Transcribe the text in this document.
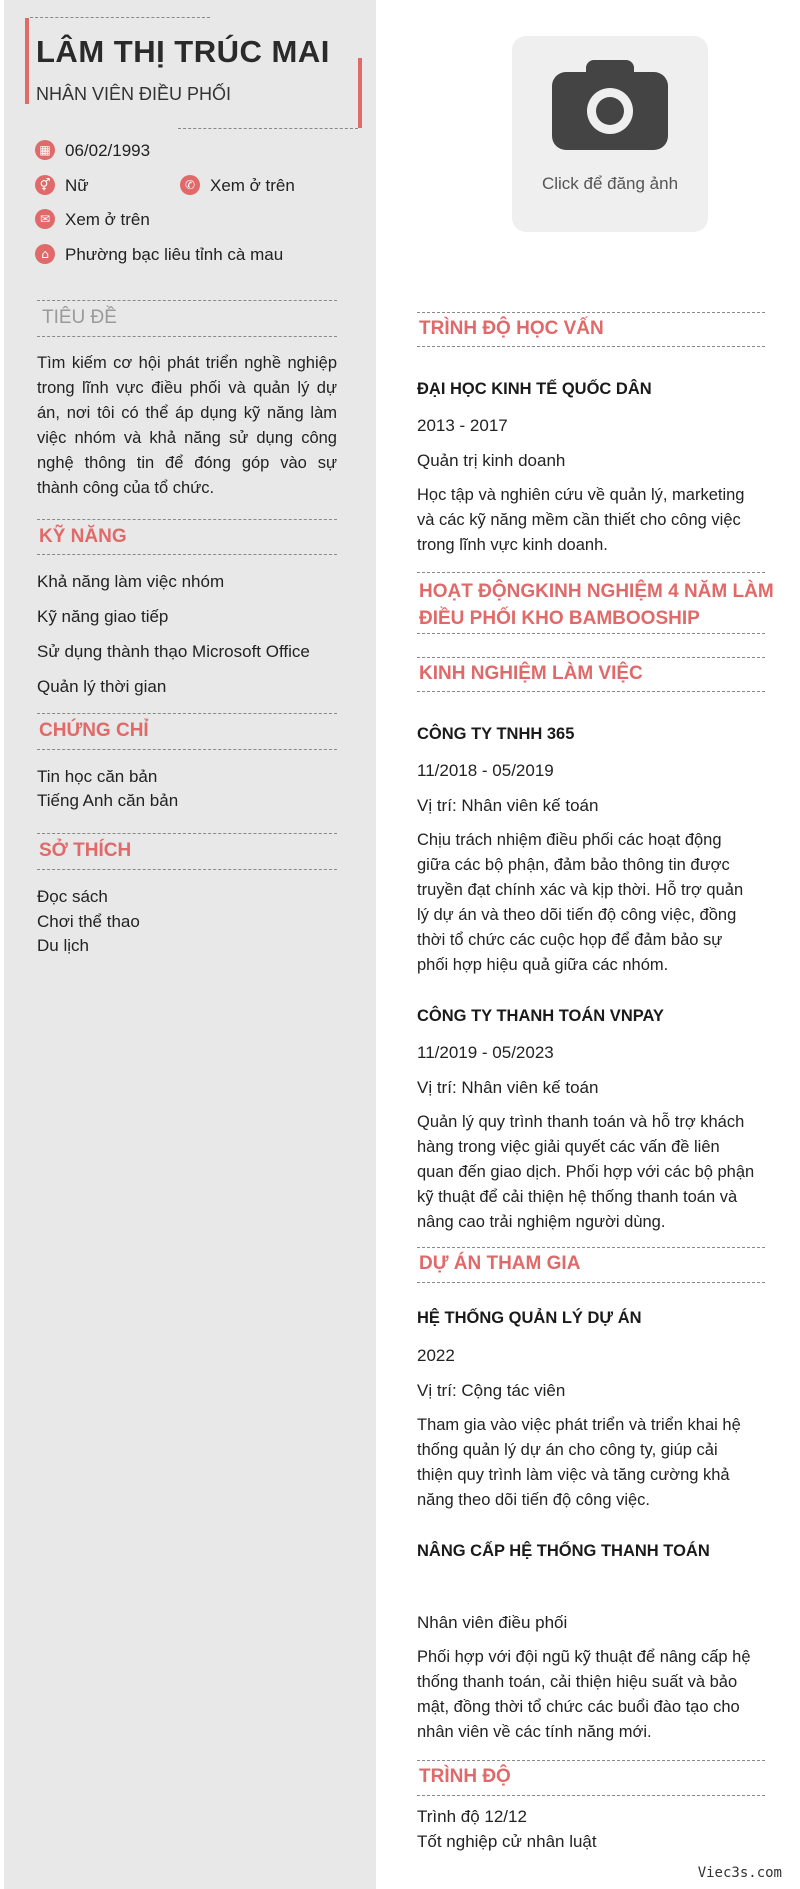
LÂM THỊ TRÚC MAI
NHÂN VIÊN ĐIỀU PHỐI
▦ 06/02/1993
⚥ Nữ	✆ Xem ở trên
✉ Xem ở trên
⌂ Phường bạc liêu tỉnh cà mau
Click để đăng ảnh
TIÊU ĐỀ
Tìm kiếm cơ hội phát triển nghề nghiệp
trong lĩnh vực điều phối và quản lý dự
án, nơi tôi có thể áp dụng kỹ năng làm
việc nhóm và khả năng sử dụng công
nghệ thông tin để đóng góp vào sự
thành công của tổ chức.
KỸ NĂNG
Khả năng làm việc nhóm
Kỹ năng giao tiếp
Sử dụng thành thạo Microsoft Office
Quản lý thời gian
CHỨNG CHỈ
Tin học căn bản
Tiếng Anh căn bản
SỞ THÍCH
Đọc sách
Chơi thể thao
Du lịch
TRÌNH ĐỘ HỌC VẤN
ĐẠI HỌC KINH TẾ QUỐC DÂN
2013 - 2017
Quản trị kinh doanh
Học tập và nghiên cứu về quản lý, marketing
và các kỹ năng mềm cần thiết cho công việc
trong lĩnh vực kinh doanh.
HOẠT ĐỘNGKINH NGHIỆM 4 NĂM LÀM
ĐIỀU PHỐI KHO BAMBOOSHIP
KINH NGHIỆM LÀM VIỆC
CÔNG TY TNHH 365
11/2018 - 05/2019
Vị trí: Nhân viên kế toán
Chịu trách nhiệm điều phối các hoạt động
giữa các bộ phận, đảm bảo thông tin được
truyền đạt chính xác và kịp thời. Hỗ trợ quản
lý dự án và theo dõi tiến độ công việc, đồng
thời tổ chức các cuộc họp để đảm bảo sự
phối hợp hiệu quả giữa các nhóm.
CÔNG TY THANH TOÁN VNPAY
11/2019 - 05/2023
Vị trí: Nhân viên kế toán
Quản lý quy trình thanh toán và hỗ trợ khách
hàng trong việc giải quyết các vấn đề liên
quan đến giao dịch. Phối hợp với các bộ phận
kỹ thuật để cải thiện hệ thống thanh toán và
nâng cao trải nghiệm người dùng.
DỰ ÁN THAM GIA
HỆ THỐNG QUẢN LÝ DỰ ÁN
2022
Vị trí: Cộng tác viên
Tham gia vào việc phát triển và triển khai hệ
thống quản lý dự án cho công ty, giúp cải
thiện quy trình làm việc và tăng cường khả
năng theo dõi tiến độ công việc.
NÂNG CẤP HỆ THỐNG THANH TOÁN
Nhân viên điều phối
Phối hợp với đội ngũ kỹ thuật để nâng cấp hệ
thống thanh toán, cải thiện hiệu suất và bảo
mật, đồng thời tổ chức các buổi đào tạo cho
nhân viên về các tính năng mới.
TRÌNH ĐỘ
Trình độ 12/12
Tốt nghiệp cử nhân luật
Viec3s.com
